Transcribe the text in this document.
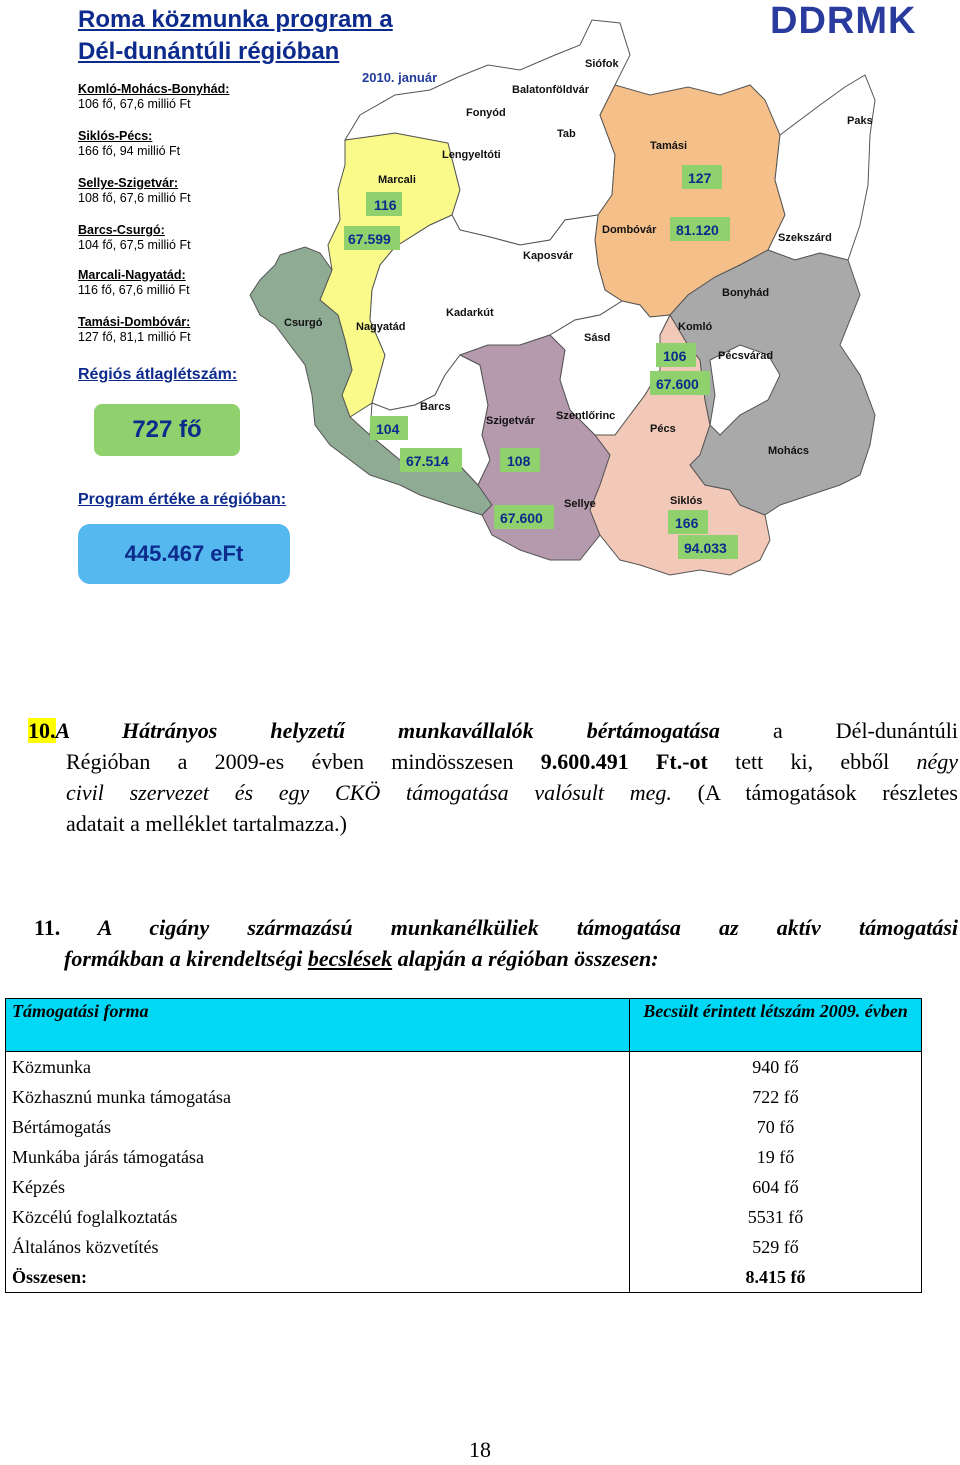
Roma közmunka program a
Dél-dunántúli régióban
DDRMK
2010. január
Komló-Mohács-Bonyhád:
106 fő, 67,6 millió Ft
Siklós-Pécs:
166 fő, 94 millió Ft
Sellye-Szigetvár:
108 fő, 67,6 millió Ft
Barcs-Csurgó:
104 fő, 67,5 millió Ft
Marcali-Nagyatád:
116 fő, 67,6 millió Ft
Tamási-Dombóvár:
127 fő, 81,1 millió Ft
Régiós átlaglétszám:
727 fő
Program értéke a régióban:
445.467 eFt
Siófok
Balatonföldvár
Fonyód
Paks
Tab
Tamási
Lengyeltóti
Marcali
Dombóvár
Szekszárd
Kaposvár
Bonyhád
Csurgó	Nagyatád
Kadarkút
Komló
Sásd
Pécsvárad
Barcs
Szigetvár Szentlőrinc
Pécs
Mohács
Sellye	Siklós
127
81.120
116
67.599
106
67.600
104
67.514	108
67.600	166
94.033
10.A Hátrányos helyzetű munkavállalók bértámogatása a Dél-dunántúli
Régióban a 2009-es évben mindösszesen 9.600.491 Ft.-ot tett ki, ebből négy
civil szervezet és egy CKÖ támogatása valósult meg. (A támogatások részletes
adatait a melléklet tartalmazza.)
11. A cigány származású munkanélküliek támogatása az aktív támogatási
formákban a kirendeltségi becslések alapján a régióban összesen:
Támogatási forma	Becsült érintett létszám 2009. évben
Közmunka	940 fő
Közhasznú munka támogatása	722 fő
Bértámogatás	70 fő
Munkába járás támogatása	19 fő
Képzés	604 fő
Közcélú foglalkoztatás	5531 fő
Általános közvetítés	529 fő
Összesen:	8.415 fő
18
